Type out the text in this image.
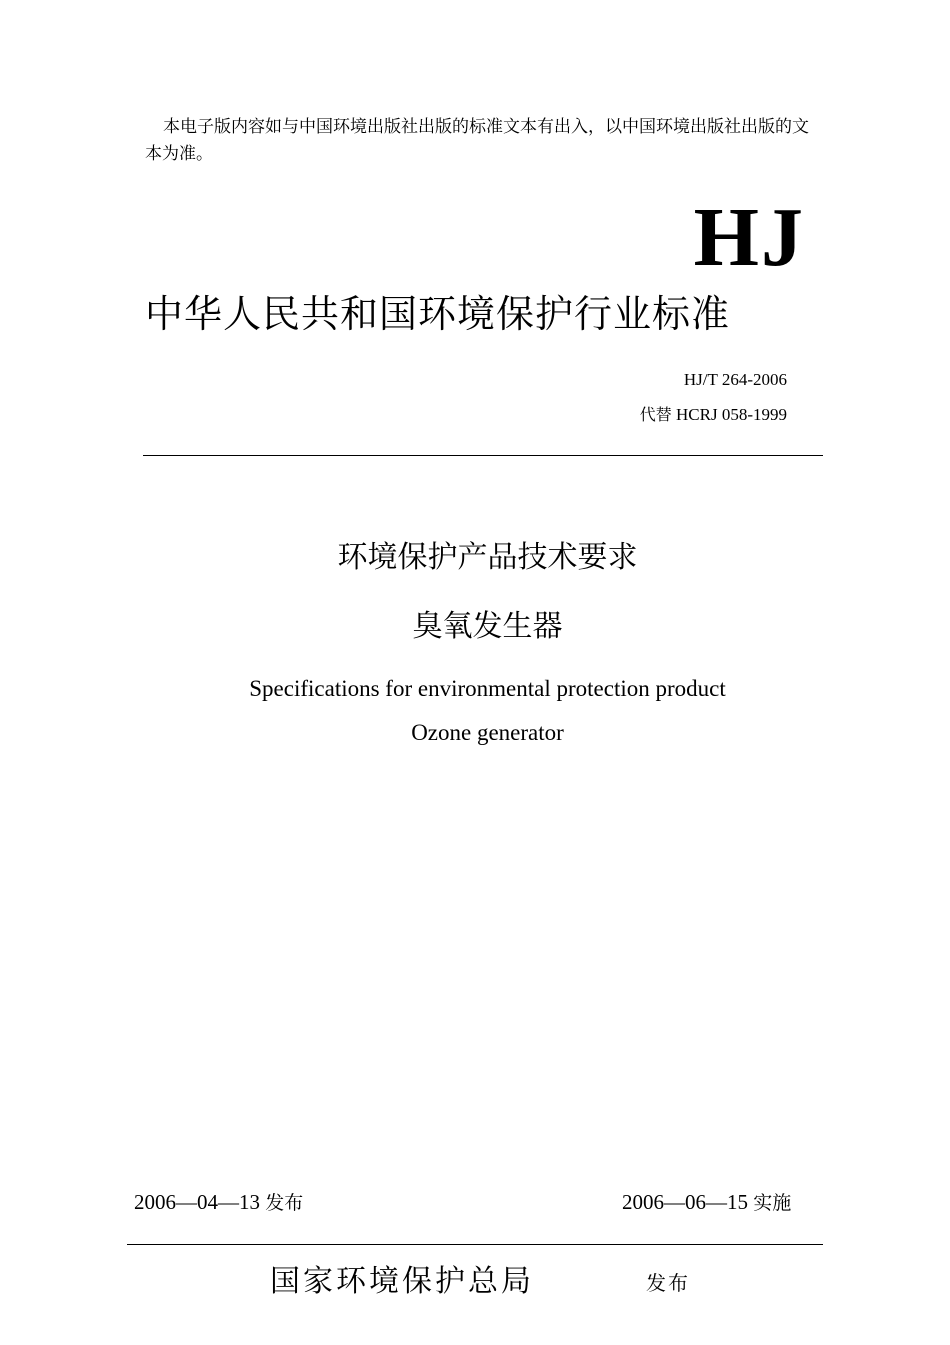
本电子版内容如与中国环境出版社出版的标准文本有出入，以中国环境出版社出版的文本为准。
HJ
中华人民共和国环境保护行业标准
HJ/T 264-2006
代替 HCRJ 058-1999
环境保护产品技术要求
臭氧发生器
Specifications for environmental protection product
Ozone generator
2006—04—13 发布	2006—06—15 实施
国家环境保护总局	发布
